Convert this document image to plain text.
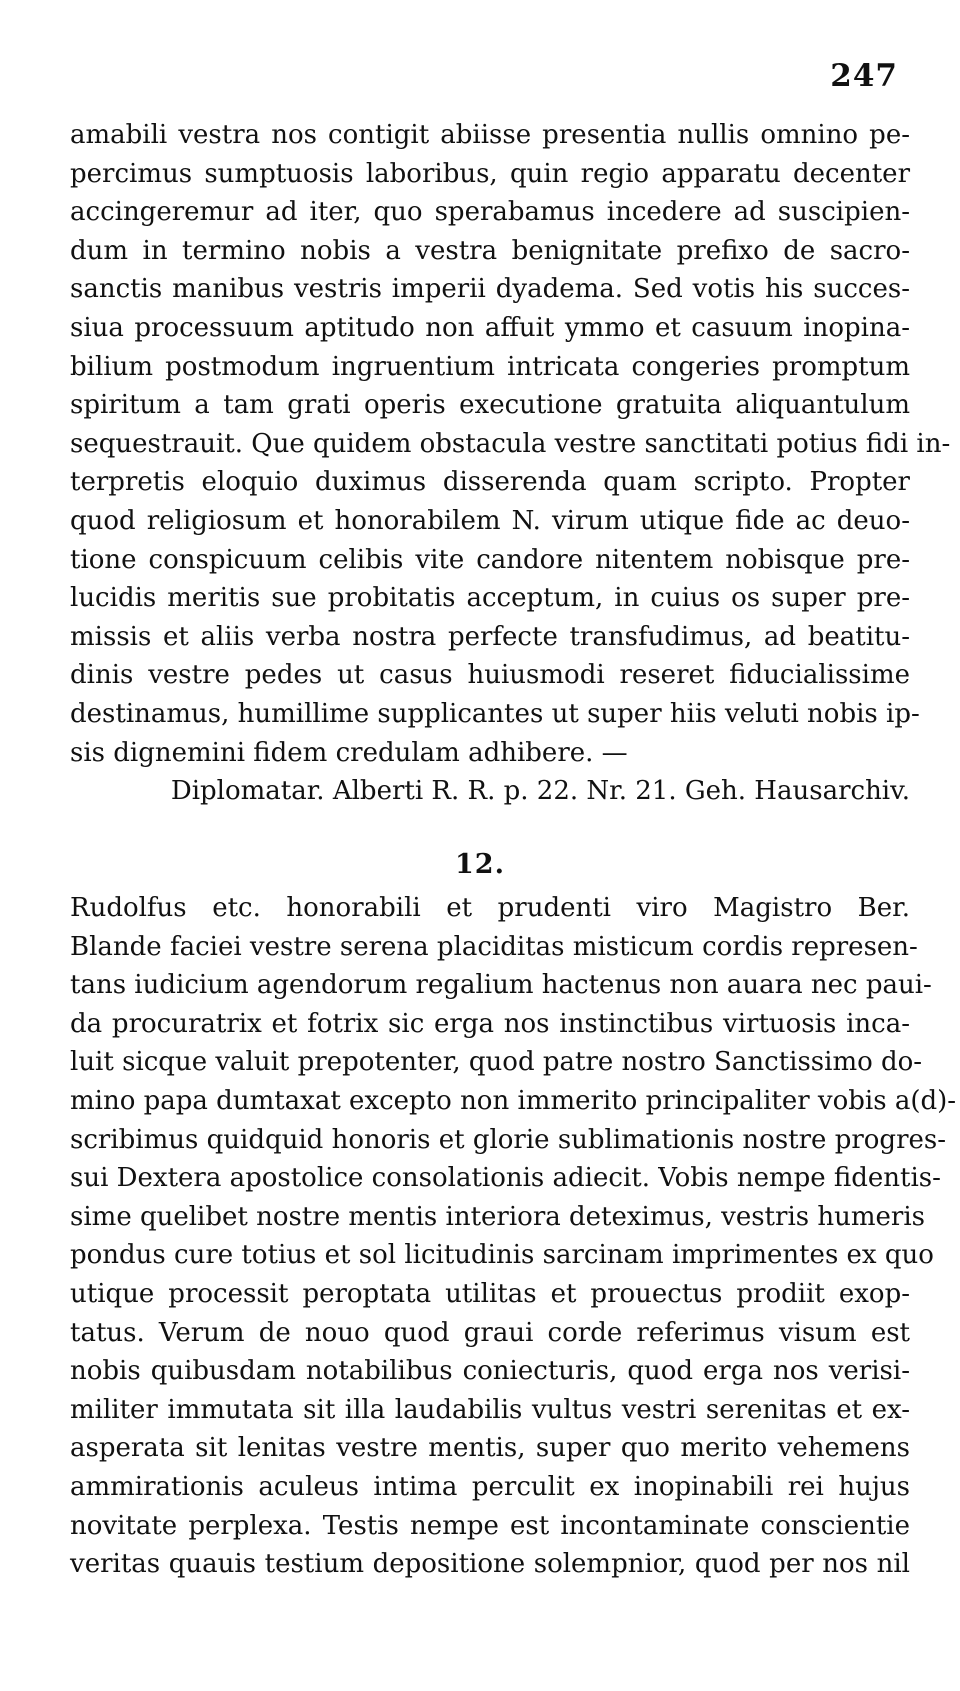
247
amabili vestra nos contigit abiisse presentia nullis omnino pe-
percimus sumptuosis laboribus, quin regio apparatu decenter
accingeremur ad iter, quo sperabamus incedere ad suscipien-
dum in termino nobis a vestra benignitate prefixo de sacro-
sanctis manibus vestris imperii dyadema. Sed votis his succes-
siua processuum aptitudo non affuit ymmo et casuum inopina-
bilium postmodum ingruentium intricata congeries promptum
spiritum a tam grati operis executione gratuita aliquantulum
sequestrauit. Que quidem obstacula vestre sanctitati potius fidi in-
terpretis eloquio duximus disserenda quam scripto. Propter
quod religiosum et honorabilem N. virum utique fide ac deuo-
tione conspicuum celibis vite candore nitentem nobisque pre-
lucidis meritis sue probitatis acceptum, in cuius os super pre-
missis et aliis verba nostra perfecte transfudimus, ad beatitu-
dinis vestre pedes ut casus huiusmodi reseret fiducialissime
destinamus, humillime supplicantes ut super hiis veluti nobis ip-
sis dignemini fidem credulam adhibere. —
Diplomatar. Alberti R. R. p. 22. Nr. 21. Geh. Hausarchiv.
12.
Rudolfus etc. honorabili et prudenti viro Magistro Ber.
Blande faciei vestre serena placiditas misticum cordis represen-
tans iudicium agendorum regalium hactenus non auara nec paui-
da procuratrix et fotrix sic erga nos instinctibus virtuosis inca-
luit sicque valuit prepotenter, quod patre nostro Sanctissimo do-
mino papa dumtaxat excepto non immerito principaliter vobis a(d)-
scribimus quidquid honoris et glorie sublimationis nostre progres-
sui Dextera apostolice consolationis adiecit. Vobis nempe fidentis-
sime quelibet nostre mentis interiora deteximus, vestris humeris
pondus cure totius et sol licitudinis sarcinam imprimentes ex quo
utique processit peroptata utilitas et prouectus prodiit exop-
tatus. Verum de nouo quod graui corde referimus visum est
nobis quibusdam notabilibus coniecturis, quod erga nos verisi-
militer immutata sit illa laudabilis vultus vestri serenitas et ex-
asperata sit lenitas vestre mentis, super quo merito vehemens
ammirationis aculeus intima perculit ex inopinabili rei hujus
novitate perplexa. Testis nempe est incontaminate conscientie
veritas quauis testium depositione solempnior, quod per nos nil
